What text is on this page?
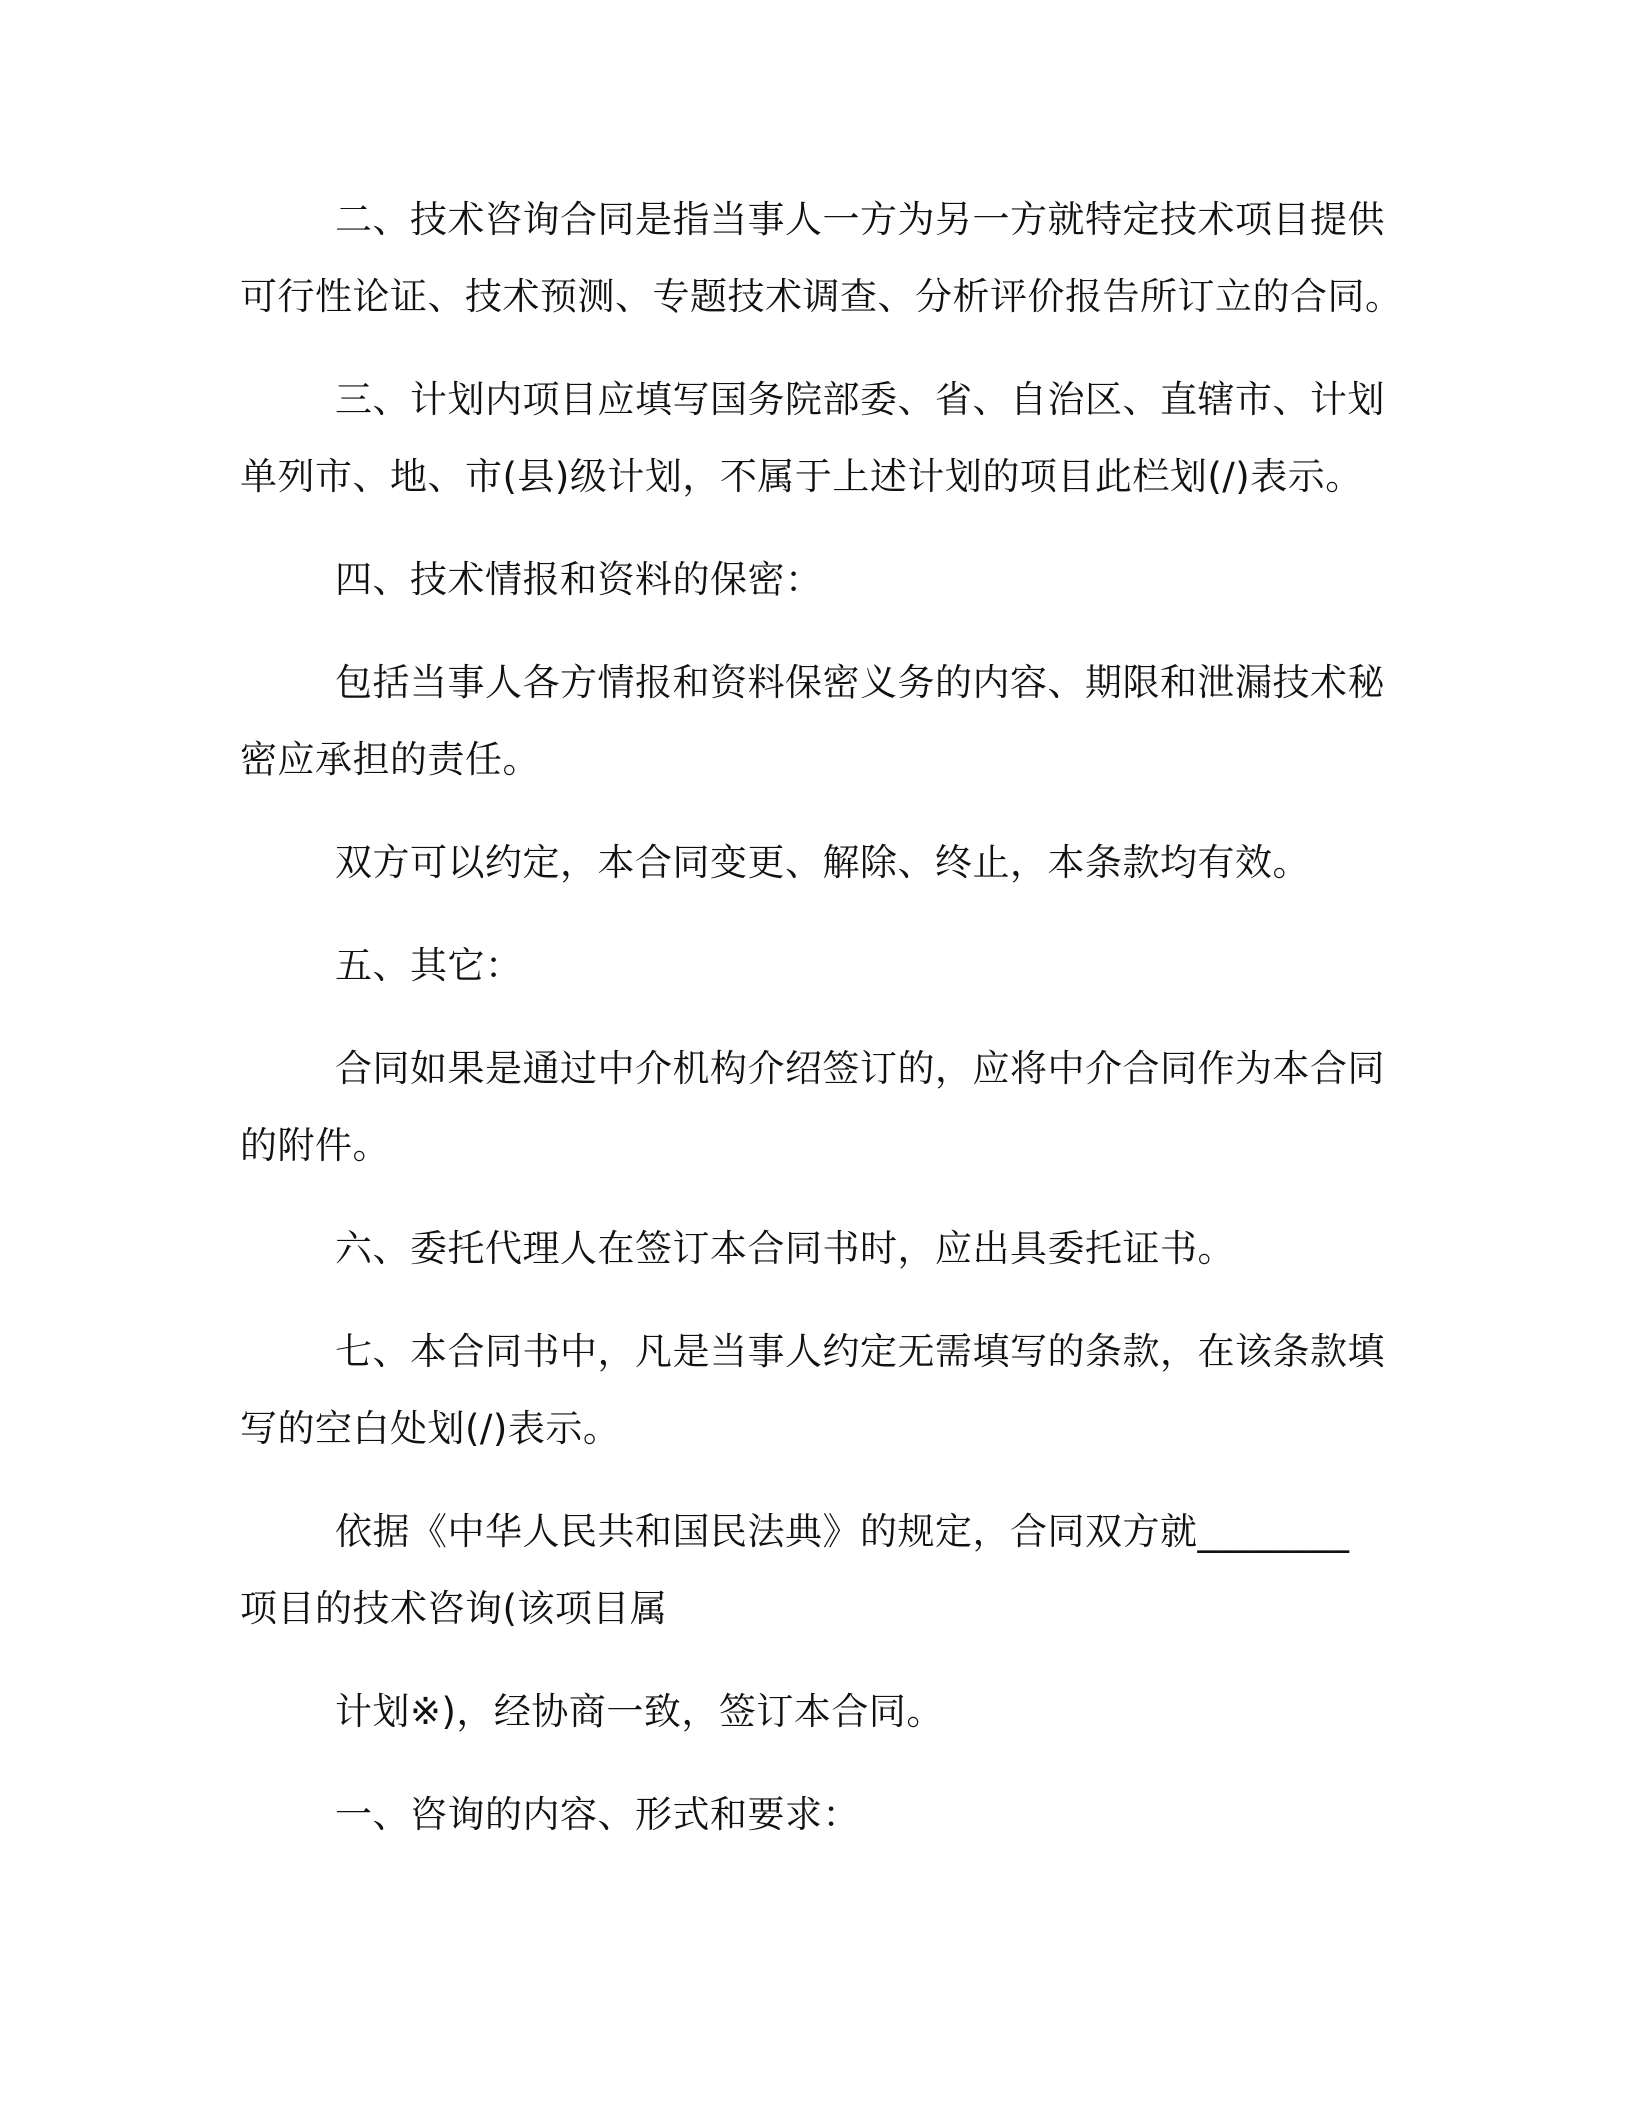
二、技术咨询合同是指当事人一方为另一方就特定技术项目提供
可行性论证、技术预测、专题技术调查、分析评价报告所订立的合同。
三、计划内项目应填写国务院部委、省、自治区、直辖市、计划
单列市、地、市(县)级计划，不属于上述计划的项目此栏划(/)表示。
四、技术情报和资料的保密：
包括当事人各方情报和资料保密义务的内容、期限和泄漏技术秘
密应承担的责任。
双方可以约定，本合同变更、解除、终止，本条款均有效。
五、其它：
合同如果是通过中介机构介绍签订的，应将中介合同作为本合同
的附件。
六、委托代理人在签订本合同书时，应出具委托证书。
七、本合同书中，凡是当事人约定无需填写的条款，在该条款填
写的空白处划(/)表示。
依据《中华人民共和国民法典》的规定，合同双方就________
项目的技术咨询(该项目属
计划※)，经协商一致，签订本合同。
一、咨询的内容、形式和要求：
